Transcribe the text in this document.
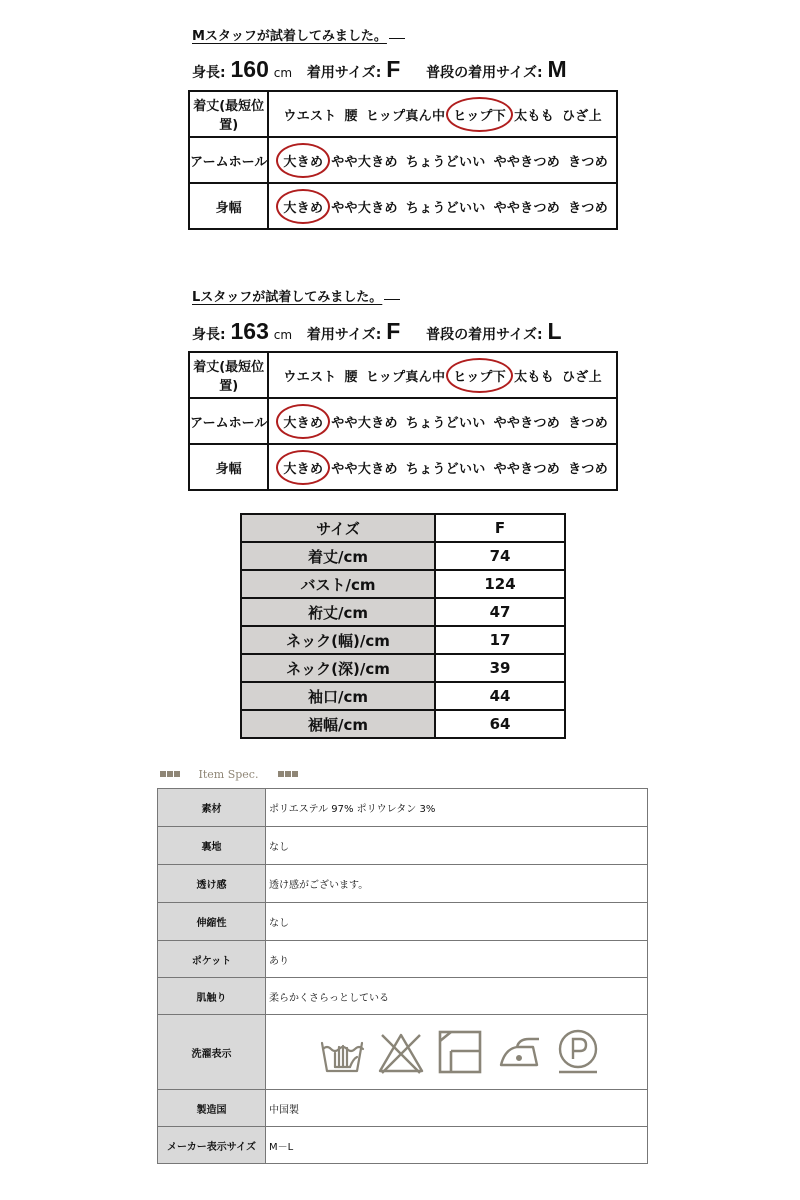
Mスタッフが試着してみました。
身長: 160 cm 着用サイズ: F 普段の着用サイズ: M
着丈(最短位置)	ウエスト 腰 ヒップ真ん中 ヒップ下 太もも ひざ上
アームホール	大きめ やや大きめ ちょうどいい ややきつめ きつめ
身幅	大きめ やや大きめ ちょうどいい ややきつめ きつめ
Lスタッフが試着してみました。
身長: 163 cm 着用サイズ: F 普段の着用サイズ: L
着丈(最短位置)	ウエスト 腰 ヒップ真ん中 ヒップ下 太もも ひざ上
アームホール	大きめ やや大きめ ちょうどいい ややきつめ きつめ
身幅	大きめ やや大きめ ちょうどいい ややきつめ きつめ
サイズ	F
着丈/cm	74
バスト/cm	124
裄丈/cm	47
ネック(幅)/cm	17
ネック(深)/cm	39
袖口/cm	44
裾幅/cm	64
Item Spec.
素材	ポリエステル 97% ポリウレタン 3%
裏地	なし
透け感	透け感がございます。
伸縮性	なし
ポケット	あり
肌触り	柔らかくさらっとしている
洗濯表示	

製造国	中国製
メーカー表示サイズ	M－L
